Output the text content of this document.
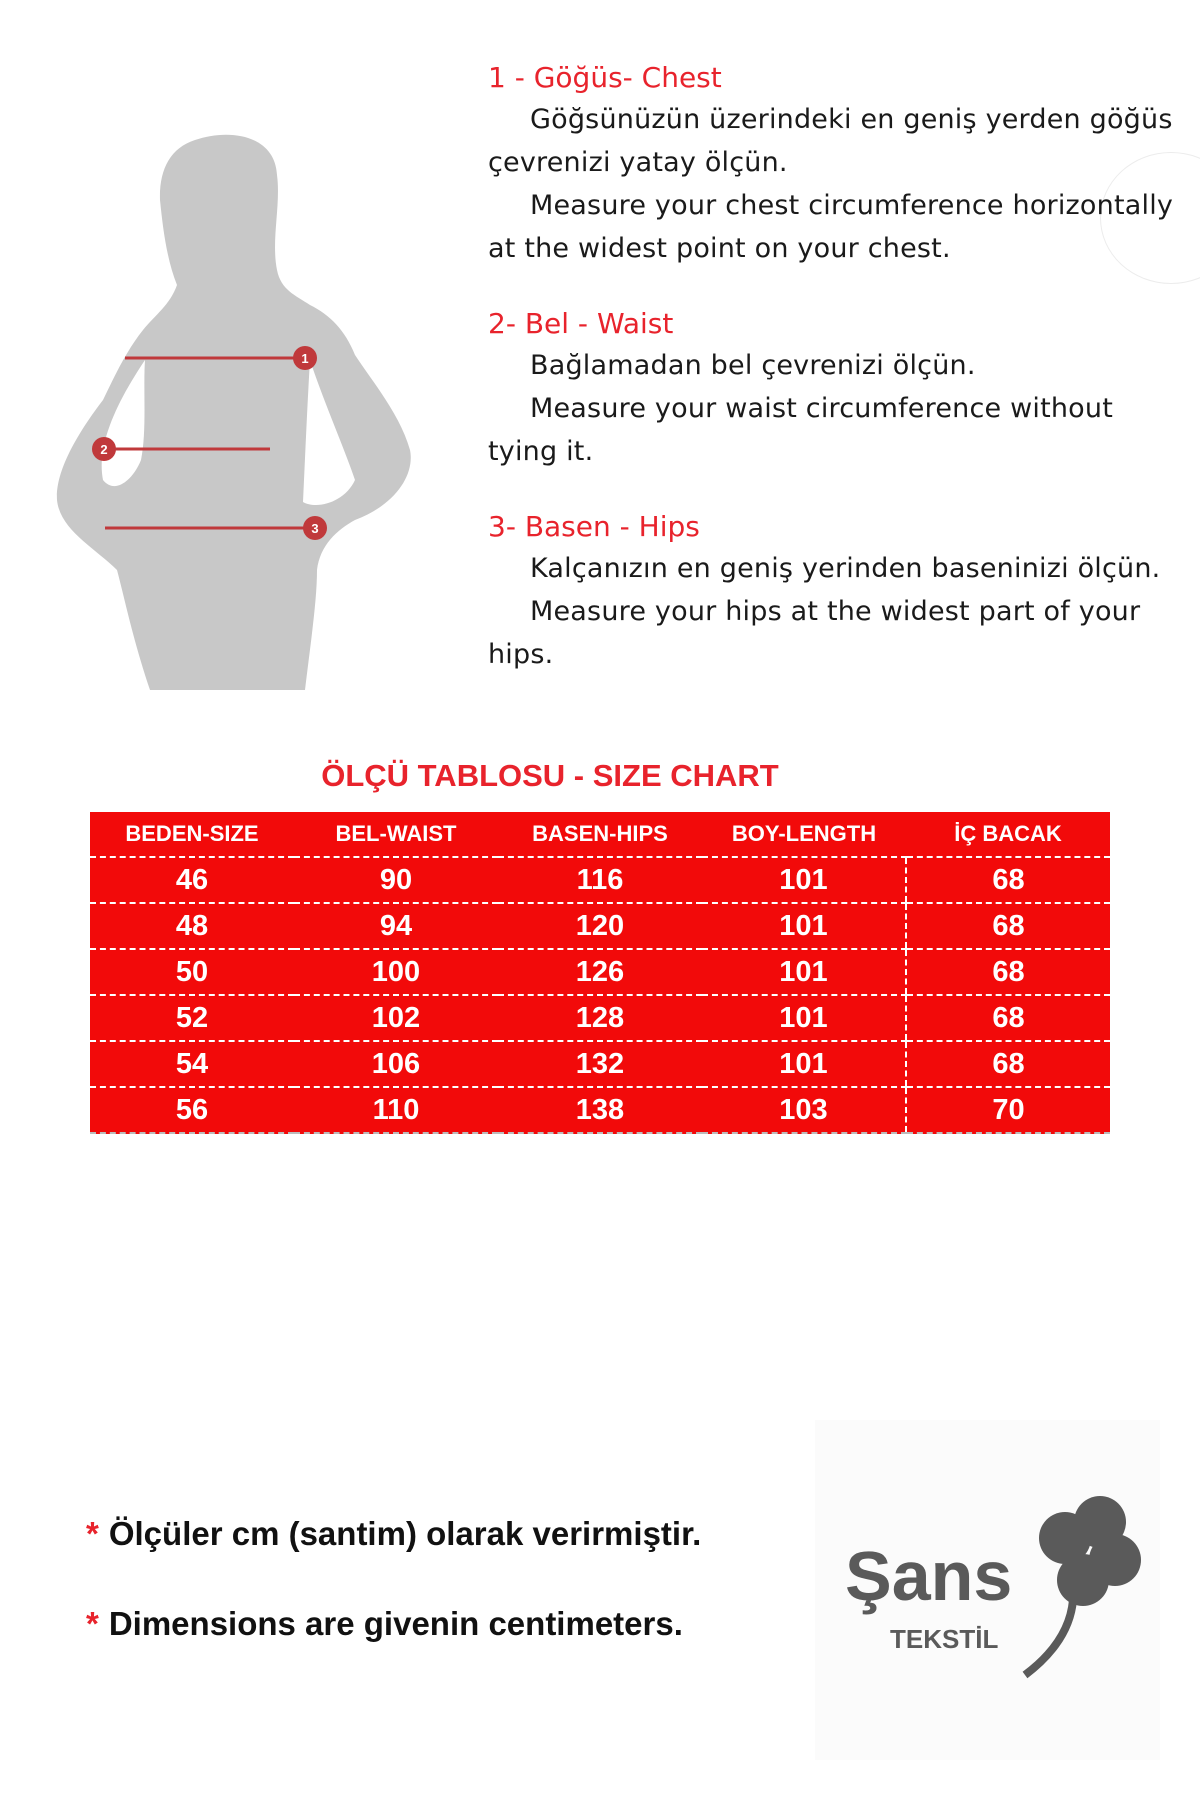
1
2
3
1 - Göğüs- Chest

Göğsünüzün üzerindeki en geniş yerden göğüs çevrenizi yatay ölçün.

Measure your chest circumference horizontally at the widest point on your chest.

2- Bel - Waist

Bağlamadan bel çevrenizi ölçün.

Measure your waist circumference without tying it.

3- Basen - Hips

Kalçanızın en geniş yerinden baseninizi ölçün.

Measure your hips at the widest part of your hips.

ÖLÇÜ TABLOSU - SIZE CHART
BEDEN-SIZE	BEL-WAIST	BASEN-HIPS	BOY-LENGTH	İÇ BACAK
46	90	116	101	68
48	94	120	101	68
50	100	126	101	68
52	102	128	101	68
54	106	132	101	68
56	110	138	103	70

* Ölçüler cm (santim) olarak verirmiştir.

* Dimensions are givenin centimeters.

Şans
TEKSTİL
